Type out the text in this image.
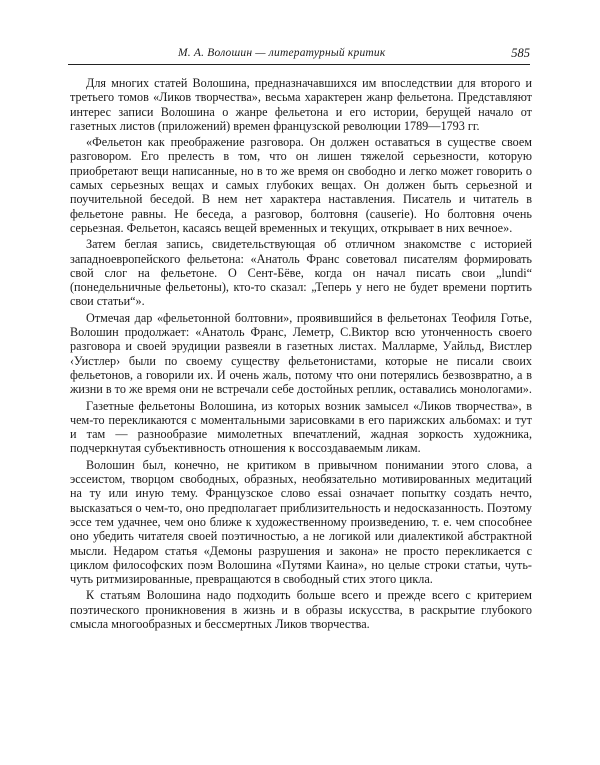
М. А. Волошин — литературный критик	585

Для многих статей Волошина, предназначавшихся им впоследствии для второго и третьего томов «Ликов творчества», весьма характерен жанр фельетона. Представляют интерес записи Волошина о жанре фельетона и его истории, берущей начало от газетных листов (приложений) времен французской революции 1789—1793 гг.

«Фельетон как преображение разговора. Он должен оставаться в существе своем разговором. Его прелесть в том, что он лишен тяжелой серьезности, которую приобретают вещи написанные, но в то же время он свободно и легко может говорить о самых серьезных вещах и самых глубоких вещах. Он должен быть серьезной и поучительной беседой. В нем нет характера наставления. Писатель и читатель в фельетоне равны. Не беседа, а разговор, болтовня (causerie). Но болтовня очень серьезная. Фельетон, касаясь вещей временных и текущих, открывает в них вечное».

Затем беглая запись, свидетельствующая об отличном знакомстве с историей западноевропейского фельетона: «Анатоль Франс советовал писателям формировать свой слог на фельетоне. О Сент-Бёве, когда он начал писать свои „lundi“ (понедельничные фельетоны), кто-то сказал: „Теперь у него не будет времени портить свои статьи“».

Отмечая дар «фельетонной болтовни», проявившийся в фельетонах Теофиля Готье, Волошин продолжает: «Анатоль Франс, Леметр, С.Виктор всю утонченность своего разговора и своей эрудиции развеяли в газетных листах. Малларме, Уайльд, Вистлер ‹Уистлер› были по своему существу фельетонистами, которые не писали своих фельетонов, а говорили их. И очень жаль, потому что они потерялись безвозвратно, а в жизни в то же время они не встречали себе достойных реплик, оставались монологами».

Газетные фельетоны Волошина, из которых возник замысел «Ликов творчества», в чем-то перекликаются с моментальными зарисовками в его парижских альбомах: и тут и там — разнообразие мимолетных впечатлений, жадная зоркость художника, подчеркнутая субъективность отношения к воссоздаваемым ликам.

Волошин был, конечно, не критиком в привычном понимании этого слова, а эссеистом, творцом свободных, образных, необязательно мотивированных медитаций на ту или иную тему. Французское слово essai означает попытку создать нечто, высказаться о чем-то, оно предполагает приблизительность и недосказанность. Поэтому эссе тем удачнее, чем оно ближе к художественному произведению, т. е. чем способнее оно убедить читателя своей поэтичностью, а не логикой или диалектикой абстрактной мысли. Недаром статья «Демоны разрушения и закона» не просто перекликается с циклом философских поэм Волошина «Путями Каина», но целые строки статьи, чуть-чуть ритмизированные, превращаются в свободный стих этого цикла.

К статьям Волошина надо подходить больше всего и прежде всего с критерием поэтического проникновения в жизнь и в образы искусства, в раскрытие глубокого смысла многообразных и бессмертных Ликов творчества.
